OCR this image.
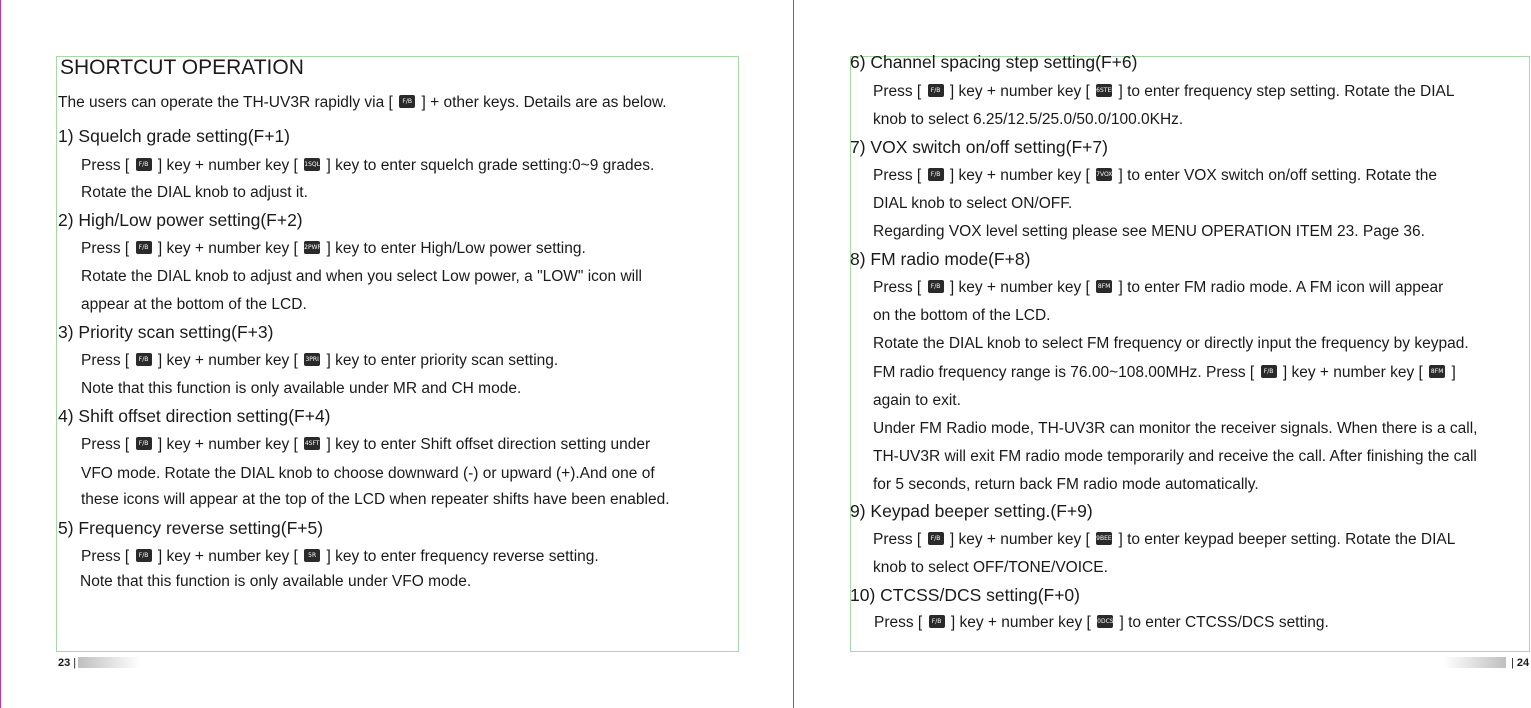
SHORTCUT OPERATION
The users can operate the TH-UV3R rapidly via [ F/B ] + other keys. Details are as below.
1) Squelch grade setting(F+1)
Press [ F/B ] key + number key [ 1SQL ] key to enter squelch grade setting:0~9 grades.
Rotate the DIAL knob to adjust it.
2) High/Low power setting(F+2)
Press [ F/B ] key + number key [ 2PWR ] key to enter High/Low power setting.
Rotate the DIAL knob to adjust and when you select Low power, a "LOW" icon will
appear at the bottom of the LCD.
3) Priority scan setting(F+3)
Press [ F/B ] key + number key [ 3PRI ] key to enter priority scan setting.
Note that this function is only available under MR and CH mode.
4) Shift offset direction setting(F+4)
Press [ F/B ] key + number key [ 4SFT ] key to enter Shift offset direction setting under
VFO mode. Rotate the DIAL knob to choose downward (-) or upward (+).And one of
these icons will appear at the top of the LCD when repeater shifts have been enabled.
5) Frequency reverse setting(F+5)
Press [ F/B ] key + number key [ 5R ] key to enter frequency reverse setting.
Note that this function is only available under VFO mode.
6) Channel spacing step setting(F+6)
Press [ F/B ] key + number key [ 6STEP ] to enter frequency step setting. Rotate the DIAL
knob to select 6.25/12.5/25.0/50.0/100.0KHz.
7) VOX switch on/off setting(F+7)
Press [ F/B ] key + number key [ 7VOX ] to enter VOX switch on/off setting. Rotate the
DIAL knob to select ON/OFF.
Regarding VOX level setting please see MENU OPERATION ITEM 23. Page 36.
8) FM radio mode(F+8)
Press [ F/B ] key + number key [ 8FM ] to enter FM radio mode. A FM icon will appear
on the bottom of the LCD.
Rotate the DIAL knob to select FM frequency or directly input the frequency by keypad.
FM radio frequency range is 76.00~108.00MHz. Press [ F/B ] key + number key [ 8FM ]
again to exit.
Under FM Radio mode, TH-UV3R can monitor the receiver signals. When there is a call,
TH-UV3R will exit FM radio mode temporarily and receive the call. After finishing the call
for 5 seconds, return back FM radio mode automatically.
9) Keypad beeper setting.(F+9)
Press [ F/B ] key + number key [ 9BEEP ] to enter keypad beeper setting. Rotate the DIAL
knob to select OFF/TONE/VOICE.
10) CTCSS/DCS setting(F+0)
Press [ F/B ] key + number key [ 0DCS ] to enter CTCSS/DCS setting.
23 |	| 24
